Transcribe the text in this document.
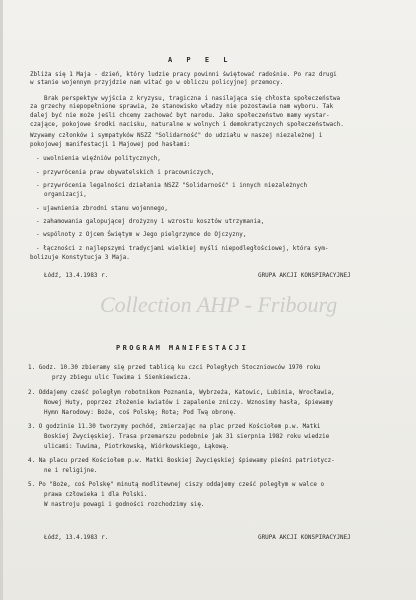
A P E L
Zbliża się 1 Maja - dzień, który ludzie pracy powinni świętować radośnie. Po raz drugi
w stanie wojennym przyjdzie nam witać go w obliczu policyjnej przemocy.
Brak perspektyw wyjścia z kryzysu, tragiczna i nasilająca się chłosta społeczeństwa
za grzechy niepopełnione sprawia, że stanowisko władzy nie pozostawia nam wyboru. Tak
dalej być nie może jeśli chcemy zachować byt narodu. Jako społeczeństwo mamy wystar-
czające, pokojowe środki nacisku, naturalne w wolnych i demokratycznych społeczeństwach.
Wzywamy członków i sympatyków NSZZ "Solidarność" do udziału w naszej niezależnej i
pokojowej manifestacji 1 Majowej pod hasłami:
- uwolnienia więźniów politycznych,
- przywrócenia praw obywatelskich i pracowniczych,
- przywrócenia legalności działania NSZZ "Solidarność" i innych niezależnych
organizacji,
- ujawnienia zbrodni stanu wojennego,
- zahamowania galopującej drożyzny i wzrostu kosztów utrzymania,
- wspólnoty z Ojcem Świętym w Jego pielgrzymce do Ojczyzny,
- łączności z najlepszymi tradycjami wielkiej myśli niepodległościowej, która sym-
bolizuje Konstytucja 3 Maja.
Łódź, 13.4.1983 r.	GRUPA AKCJI KONSPIRACYJNEJ
Collection AHP - Fribourg
PROGRAM MANIFESTACJI
1. Godz. 10.30 zbieramy się przed tablicą ku czci Poległych Stoczniowców 1970 roku
przy zbiegu ulic Tuwima i Sienkiewicza.
2. Oddajemy cześć poległym robotnikom Poznania, Wybrzeża, Katowic, Lubinia, Wrocławia,
Nowej Huty, poprzez złożenie kwiatów i zapalenie zniczy. Wznosimy hasła, śpiewamy
Hymn Narodowy: Boże, coś Polskę; Rota; Pod Twą obronę.
3. O godzinie 11.30 tworzymy pochód, zmierzając na plac przed Kościołem p.w. Matki
Boskiej Zwycięskiej. Trasa przemarszu podobnie jak 31 sierpnia 1982 roku wiedzie
ulicami: Tuwima, Piotrkowską, Wiórkowskiego, Łąkową.
4. Na placu przed Kościołem p.w. Matki Boskiej Zwycięskiej śpiewamy pieśni patriotycz-
ne i religijne.
5. Po "Boże, coś Polskę" minutą modlitewnej ciszy oddajemy cześć poległym w walce o
prawa człowieka i dla Polski.
W nastroju powagi i godności rozchodzimy się.
Łódź, 13.4.1983 r.	GRUPA AKCJI KONSPIRACYJNEJ
